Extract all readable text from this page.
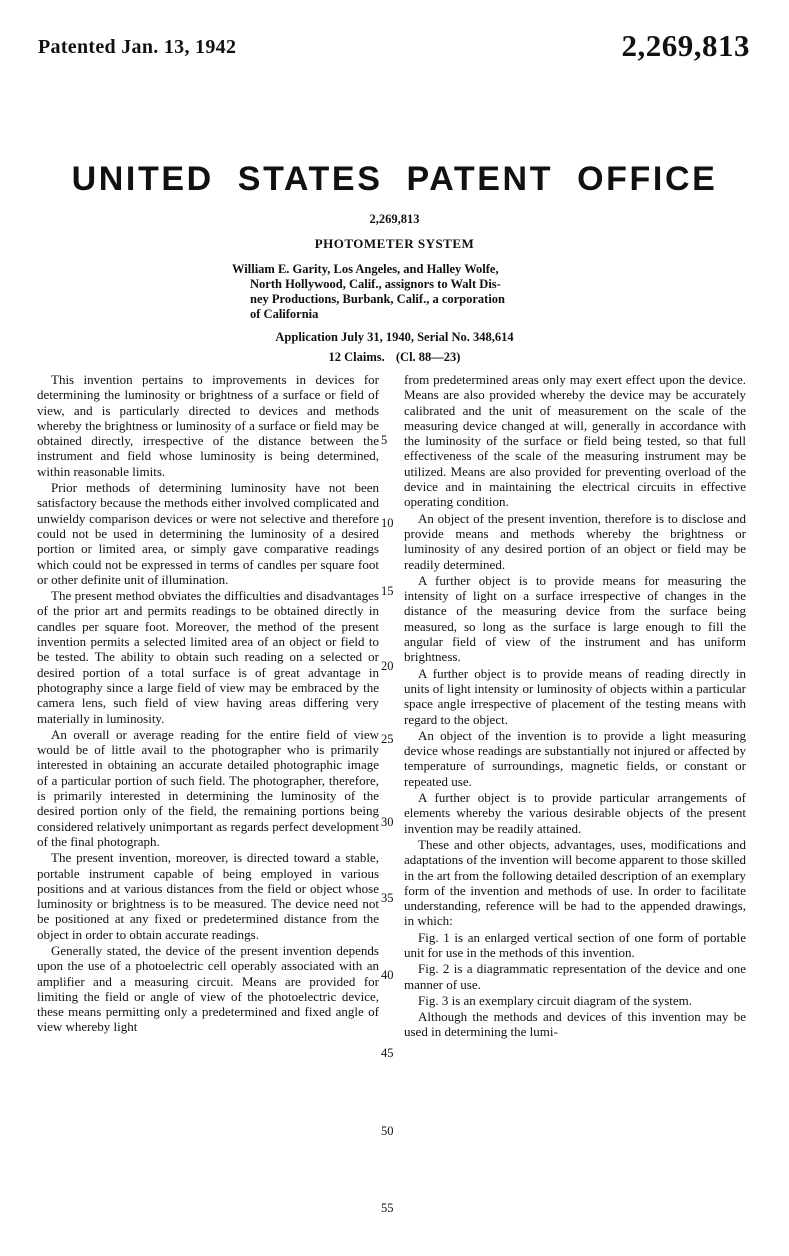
Patented Jan. 13, 1942	2,269,813
UNITED STATES PATENT OFFICE
2,269,813
PHOTOMETER SYSTEM
William E. Garity, Los Angeles, and Halley Wolfe,
North Hollywood, Calif., assignors to Walt Dis-
ney Productions, Burbank, Calif., a corporation
of California
Application July 31, 1940, Serial No. 348,614
12 Claims. (Cl. 88—23)

This invention pertains to improvements in devices for determining the luminosity or brightness of a surface or field of view, and is particularly directed to devices and methods whereby the brightness or luminosity of a surface or field may be obtained directly, irrespective of the distance between the instrument and field whose luminosity is being determined, within reasonable limits.

Prior methods of determining luminosity have not been satisfactory because the methods either involved complicated and unwieldy comparison devices or were not selective and therefore could not be used in determining the luminosity of a desired portion or limited area, or simply gave comparative readings which could not be expressed in terms of candles per square foot or other definite unit of illumination.

The present method obviates the difficulties and disadvantages of the prior art and permits readings to be obtained directly in candles per square foot. Moreover, the method of the present invention permits a selected limited area of an object or field to be tested. The ability to obtain such reading on a selected or desired portion of a total surface is of great advantage in photography since a large field of view may be embraced by the camera lens, such field of view having areas differing very materially in luminosity.

An overall or average reading for the entire field of view would be of little avail to the photographer who is primarily interested in obtaining an accurate detailed photographic image of a particular portion of such field. The photographer, therefore, is primarily interested in determining the luminosity of the desired portion only of the field, the remaining portions being considered relatively unimportant as regards perfect development of the final photograph.

The present invention, moreover, is directed toward a stable, portable instrument capable of being employed in various positions and at various distances from the field or object whose luminosity or brightness is to be measured. The device need not be positioned at any fixed or predetermined distance from the object in order to obtain accurate readings.

Generally stated, the device of the present invention depends upon the use of a photoelectric cell operably associated with an amplifier and a measuring circuit. Means are provided for limiting the field or angle of view of the photoelectric device, these means permitting only a predetermined and fixed angle of view whereby light

5
10
15
20
25
30
35
40
45
50
55

from predetermined areas only may exert effect upon the device. Means are also provided whereby the device may be accurately calibrated and the unit of measurement on the scale of the measuring device changed at will, generally in accordance with the luminosity of the surface or field being tested, so that full effectiveness of the scale of the measuring instrument may be utilized. Means are also provided for preventing overload of the device and in maintaining the electrical circuits in effective operating condition.

An object of the present invention, therefore is to disclose and provide means and methods whereby the brightness or luminosity of any desired portion of an object or field may be readily determined.

A further object is to provide means for measuring the intensity of light on a surface irrespective of changes in the distance of the measuring device from the surface being measured, so long as the surface is large enough to fill the angular field of view of the instrument and has uniform brightness.

A further object is to provide means of reading directly in units of light intensity or luminosity of objects within a particular space angle irrespective of placement of the testing means with regard to the object.

An object of the invention is to provide a light measuring device whose readings are substantially not injured or affected by temperature of surroundings, magnetic fields, or constant or repeated use.

A further object is to provide particular arrangements of elements whereby the various desirable objects of the present invention may be readily attained.

These and other objects, advantages, uses, modifications and adaptations of the invention will become apparent to those skilled in the art from the following detailed description of an exemplary form of the invention and methods of use. In order to facilitate understanding, reference will be had to the appended drawings, in which:

Fig. 1 is an enlarged vertical section of one form of portable unit for use in the methods of this invention.

Fig. 2 is a diagrammatic representation of the device and one manner of use.

Fig. 3 is an exemplary circuit diagram of the system.

Although the methods and devices of this invention may be used in determining the lumi-
